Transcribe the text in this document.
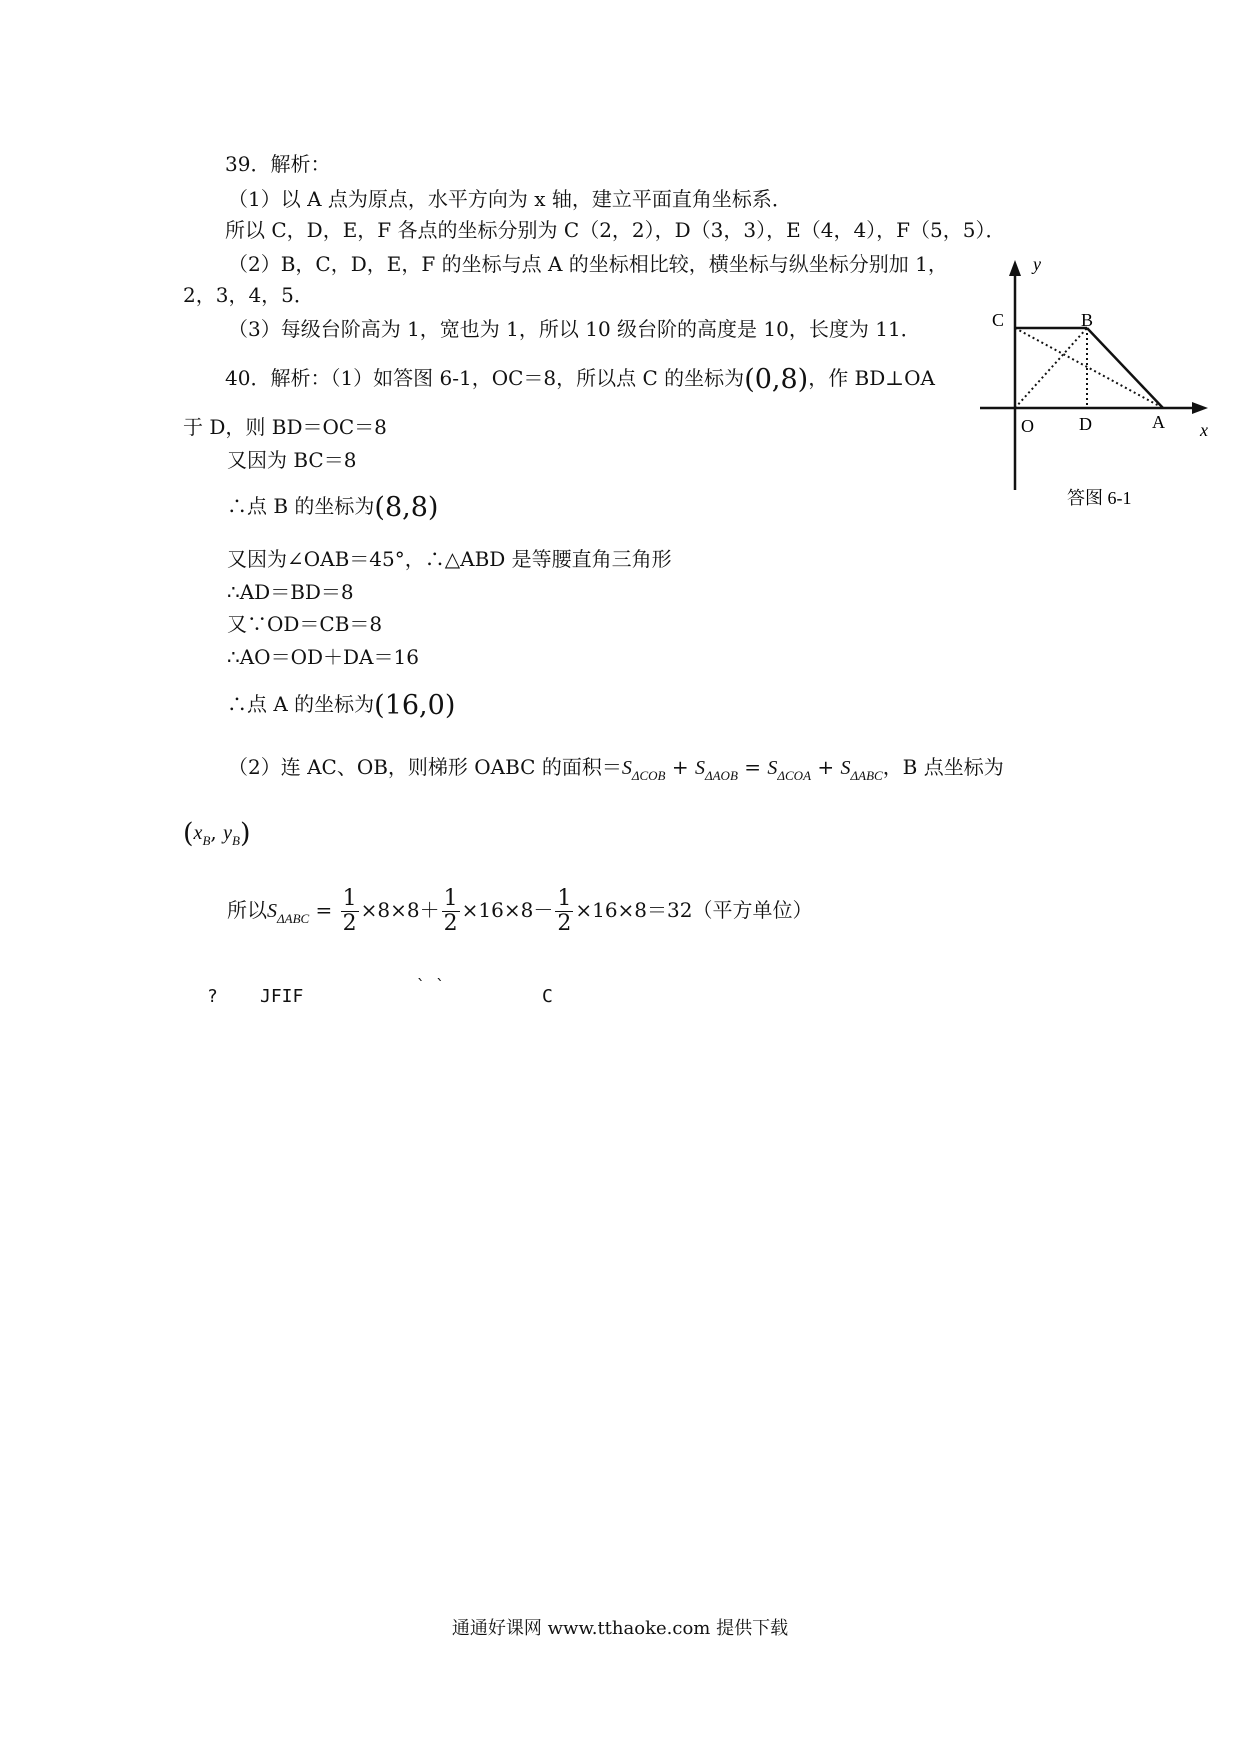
39．解析：
（1）以 A 点为原点，水平方向为 x 轴，建立平面直角坐标系．
所以 C，D，E，F 各点的坐标分别为 C（2，2），D（3，3），E（4，4），F（5，5）．
（2）B，C，D，E，F 的坐标与点 A 的坐标相比较，横坐标与纵坐标分别加 1，
2，3，4，5．
（3）每级台阶高为 1，宽也为 1，所以 10 级台阶的高度是 10，长度为 11．
40．解析：（1）如答图 6-1，OC＝8，所以点 C 的坐标为(0,8)，作 BD⊥OA
于 D，则 BD＝OC＝8
又因为 BC＝8
∴点 B 的坐标为(8,8)
又因为∠OAB＝45°，∴△ABD 是等腰直角三角形
∴AD＝BD＝8
又∵OD＝CB＝8
∴AO＝OD＋DA＝16
∴点 A 的坐标为(16,0)
（2）连 AC、OB，则梯形 OABC 的面积$=S_{\Delta COB} + S_{\Delta AOB} = S_{\Delta COA} + S_{\Delta ABC}$，B 点坐标为
($x_B$, $y_B$)
所以$S_{\Delta ABC} = \frac{1}{2} \times 8\times 8+ \frac{1}{2} \times 16\times 8- \frac{1}{2} \times 16\times 8=32$（平方单位）
? JFIF
` `
C
y
x
C	B
O	D	A
答图 6-1
通通好课网 www.tthaoke.com 提供下载
